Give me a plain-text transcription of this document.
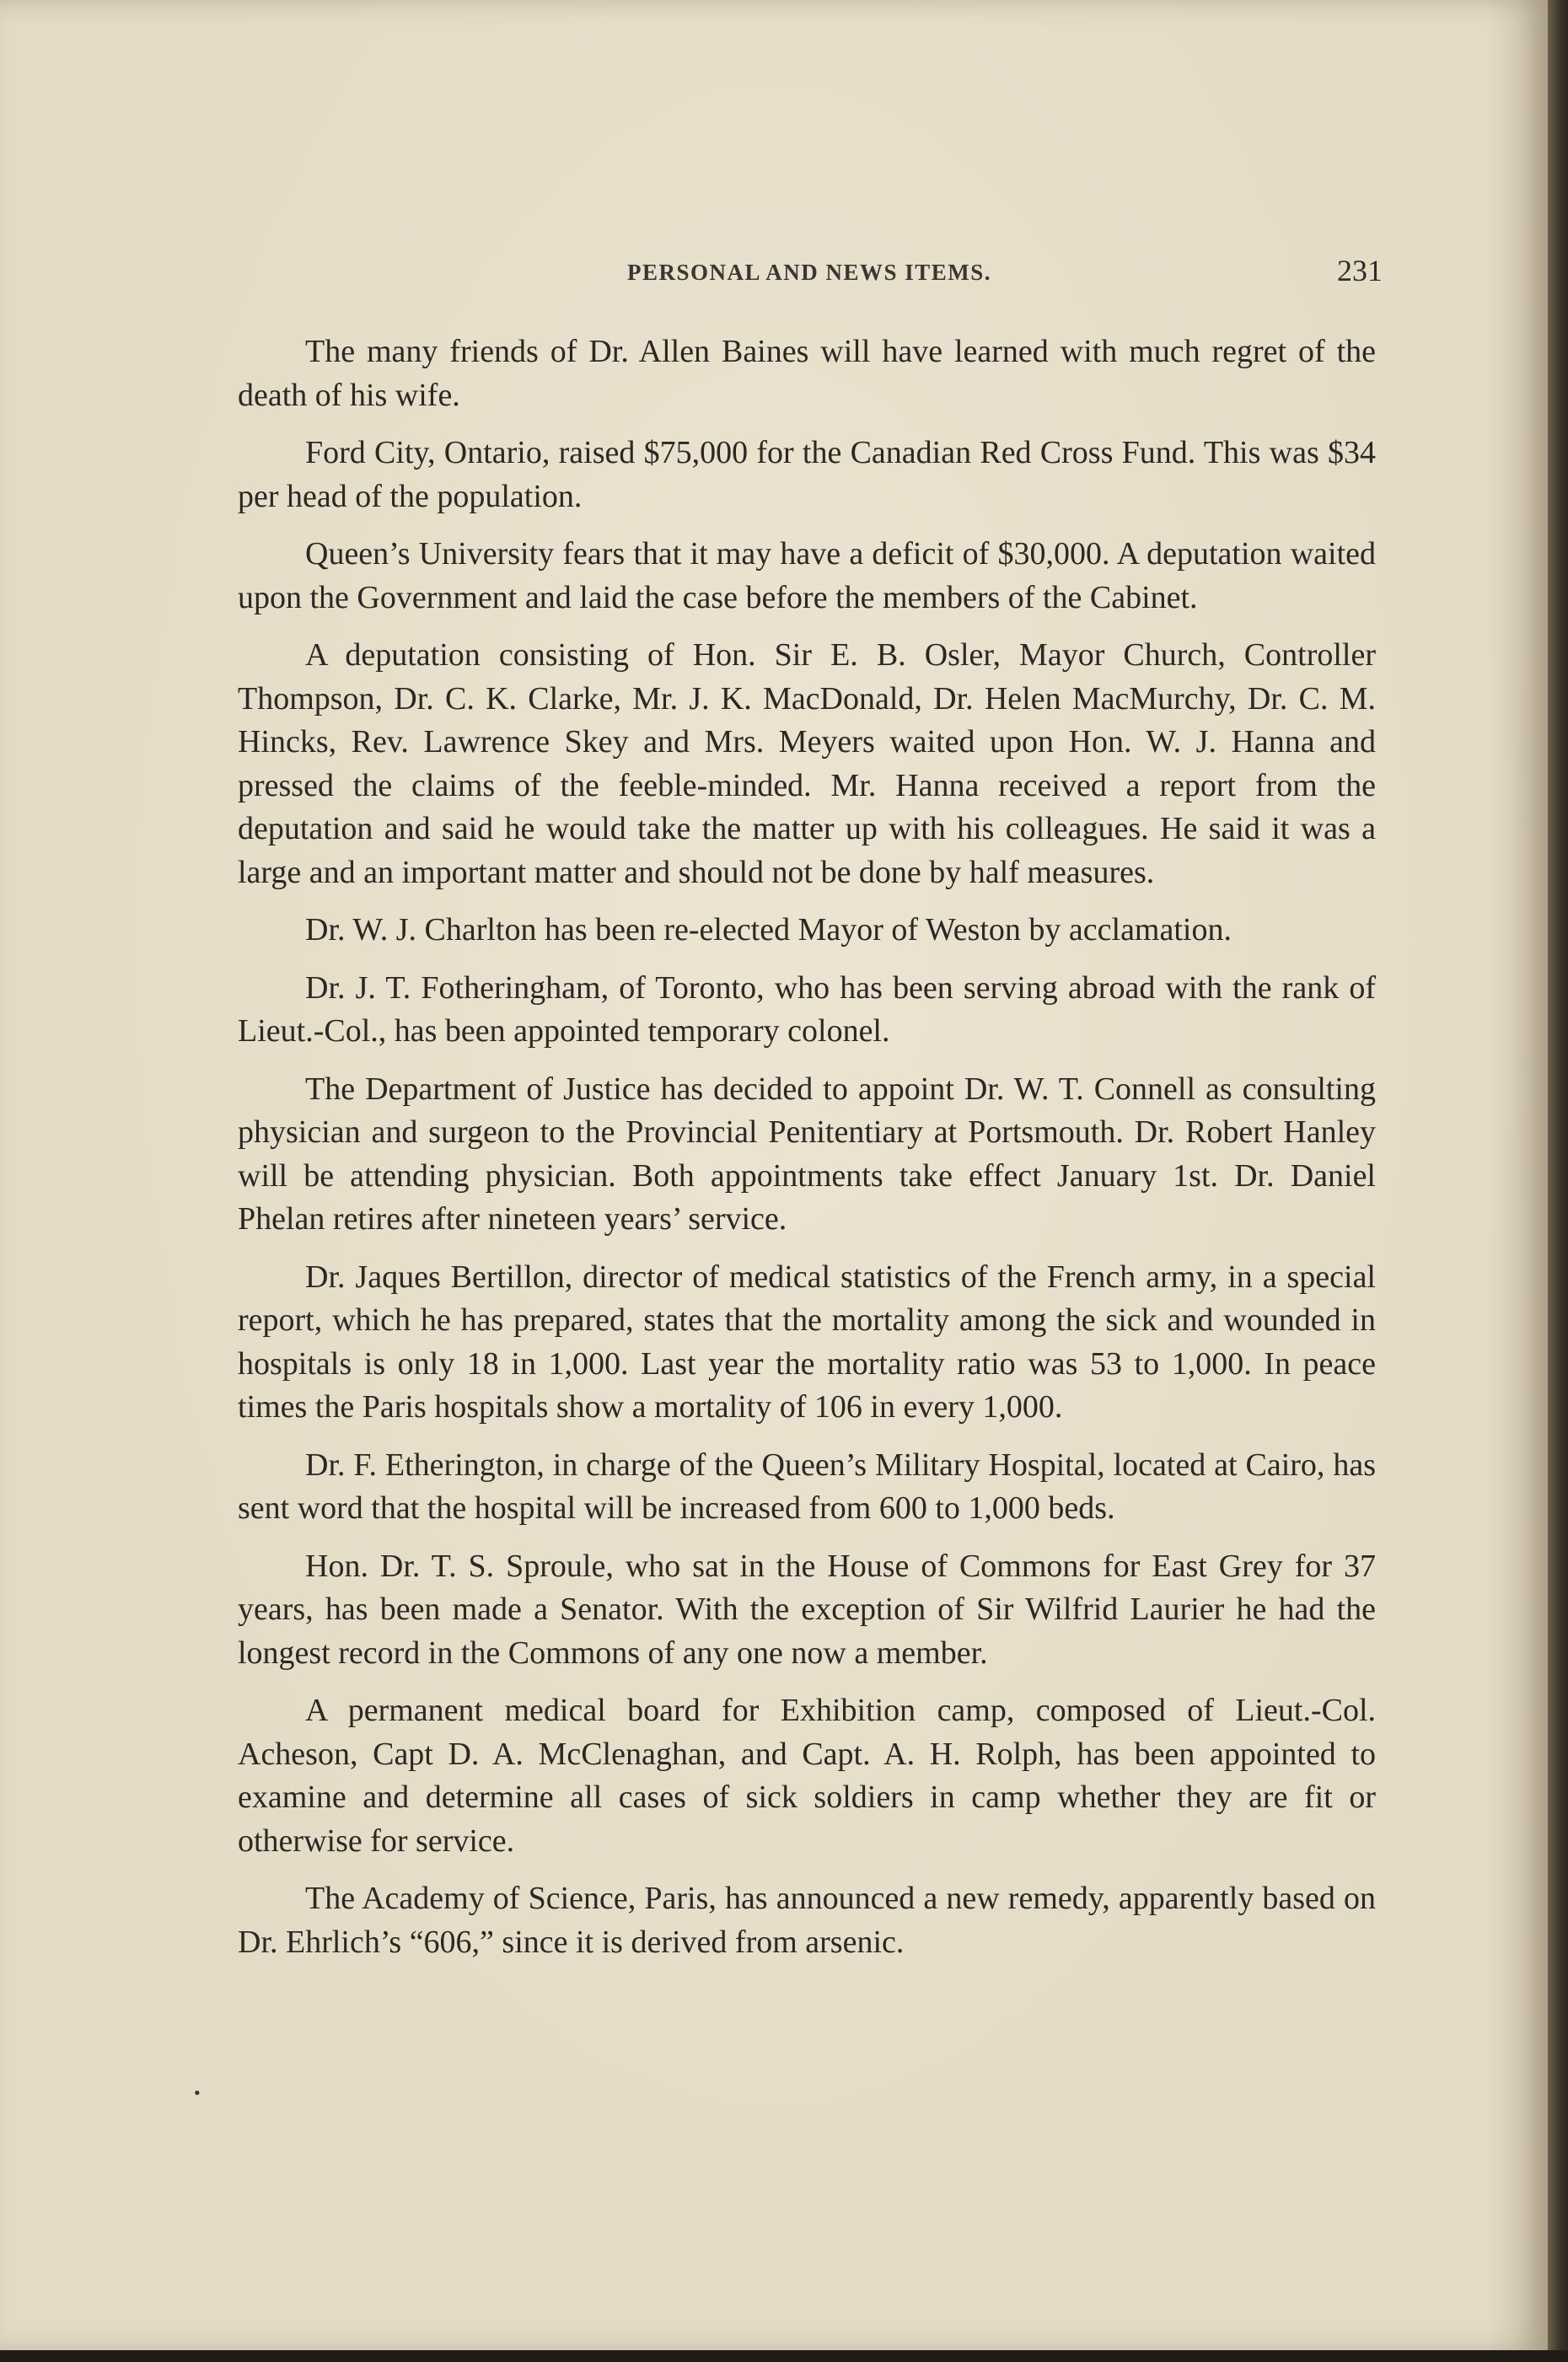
PERSONAL AND NEWS ITEMS.	231

The many friends of Dr. Allen Baines will have learned with much regret of the death of his wife.

Ford City, Ontario, raised $75,000 for the Canadian Red Cross Fund. This was $34 per head of the population.

Queen’s University fears that it may have a deficit of $30,000. A deputation waited upon the Government and laid the case before the members of the Cabinet.

A deputation consisting of Hon. Sir E. B. Osler, Mayor Church, Controller Thompson, Dr. C. K. Clarke, Mr. J. K. MacDonald, Dr. Helen MacMurchy, Dr. C. M. Hincks, Rev. Lawrence Skey and Mrs. Meyers waited upon Hon. W. J. Hanna and pressed the claims of the feeble-minded. Mr. Hanna received a report from the deputation and said he would take the matter up with his colleagues. He said it was a large and an important matter and should not be done by half measures.

Dr. W. J. Charlton has been re-elected Mayor of Weston by acclamation.

Dr. J. T. Fotheringham, of Toronto, who has been serving abroad with the rank of Lieut.-Col., has been appointed temporary colonel.

The Department of Justice has decided to appoint Dr. W. T. Connell as consulting physician and surgeon to the Provincial Penitentiary at Portsmouth. Dr. Robert Hanley will be attending physician. Both appointments take effect January 1st. Dr. Daniel Phelan retires after nineteen years’ service.

Dr. Jaques Bertillon, director of medical statistics of the French army, in a special report, which he has prepared, states that the mortality among the sick and wounded in hospitals is only 18 in 1,000. Last year the mortality ratio was 53 to 1,000. In peace times the Paris hospitals show a mortality of 106 in every 1,000.

Dr. F. Etherington, in charge of the Queen’s Military Hospital, located at Cairo, has sent word that the hospital will be increased from 600 to 1,000 beds.

Hon. Dr. T. S. Sproule, who sat in the House of Commons for East Grey for 37 years, has been made a Senator. With the exception of Sir Wilfrid Laurier he had the longest record in the Commons of any one now a member.

A permanent medical board for Exhibition camp, composed of Lieut.-Col. Acheson, Capt D. A. McClenaghan, and Capt. A. H. Rolph, has been appointed to examine and determine all cases of sick soldiers in camp whether they are fit or otherwise for service.

The Academy of Science, Paris, has announced a new remedy, apparently based on Dr. Ehrlich’s “606,” since it is derived from arsenic.

•
